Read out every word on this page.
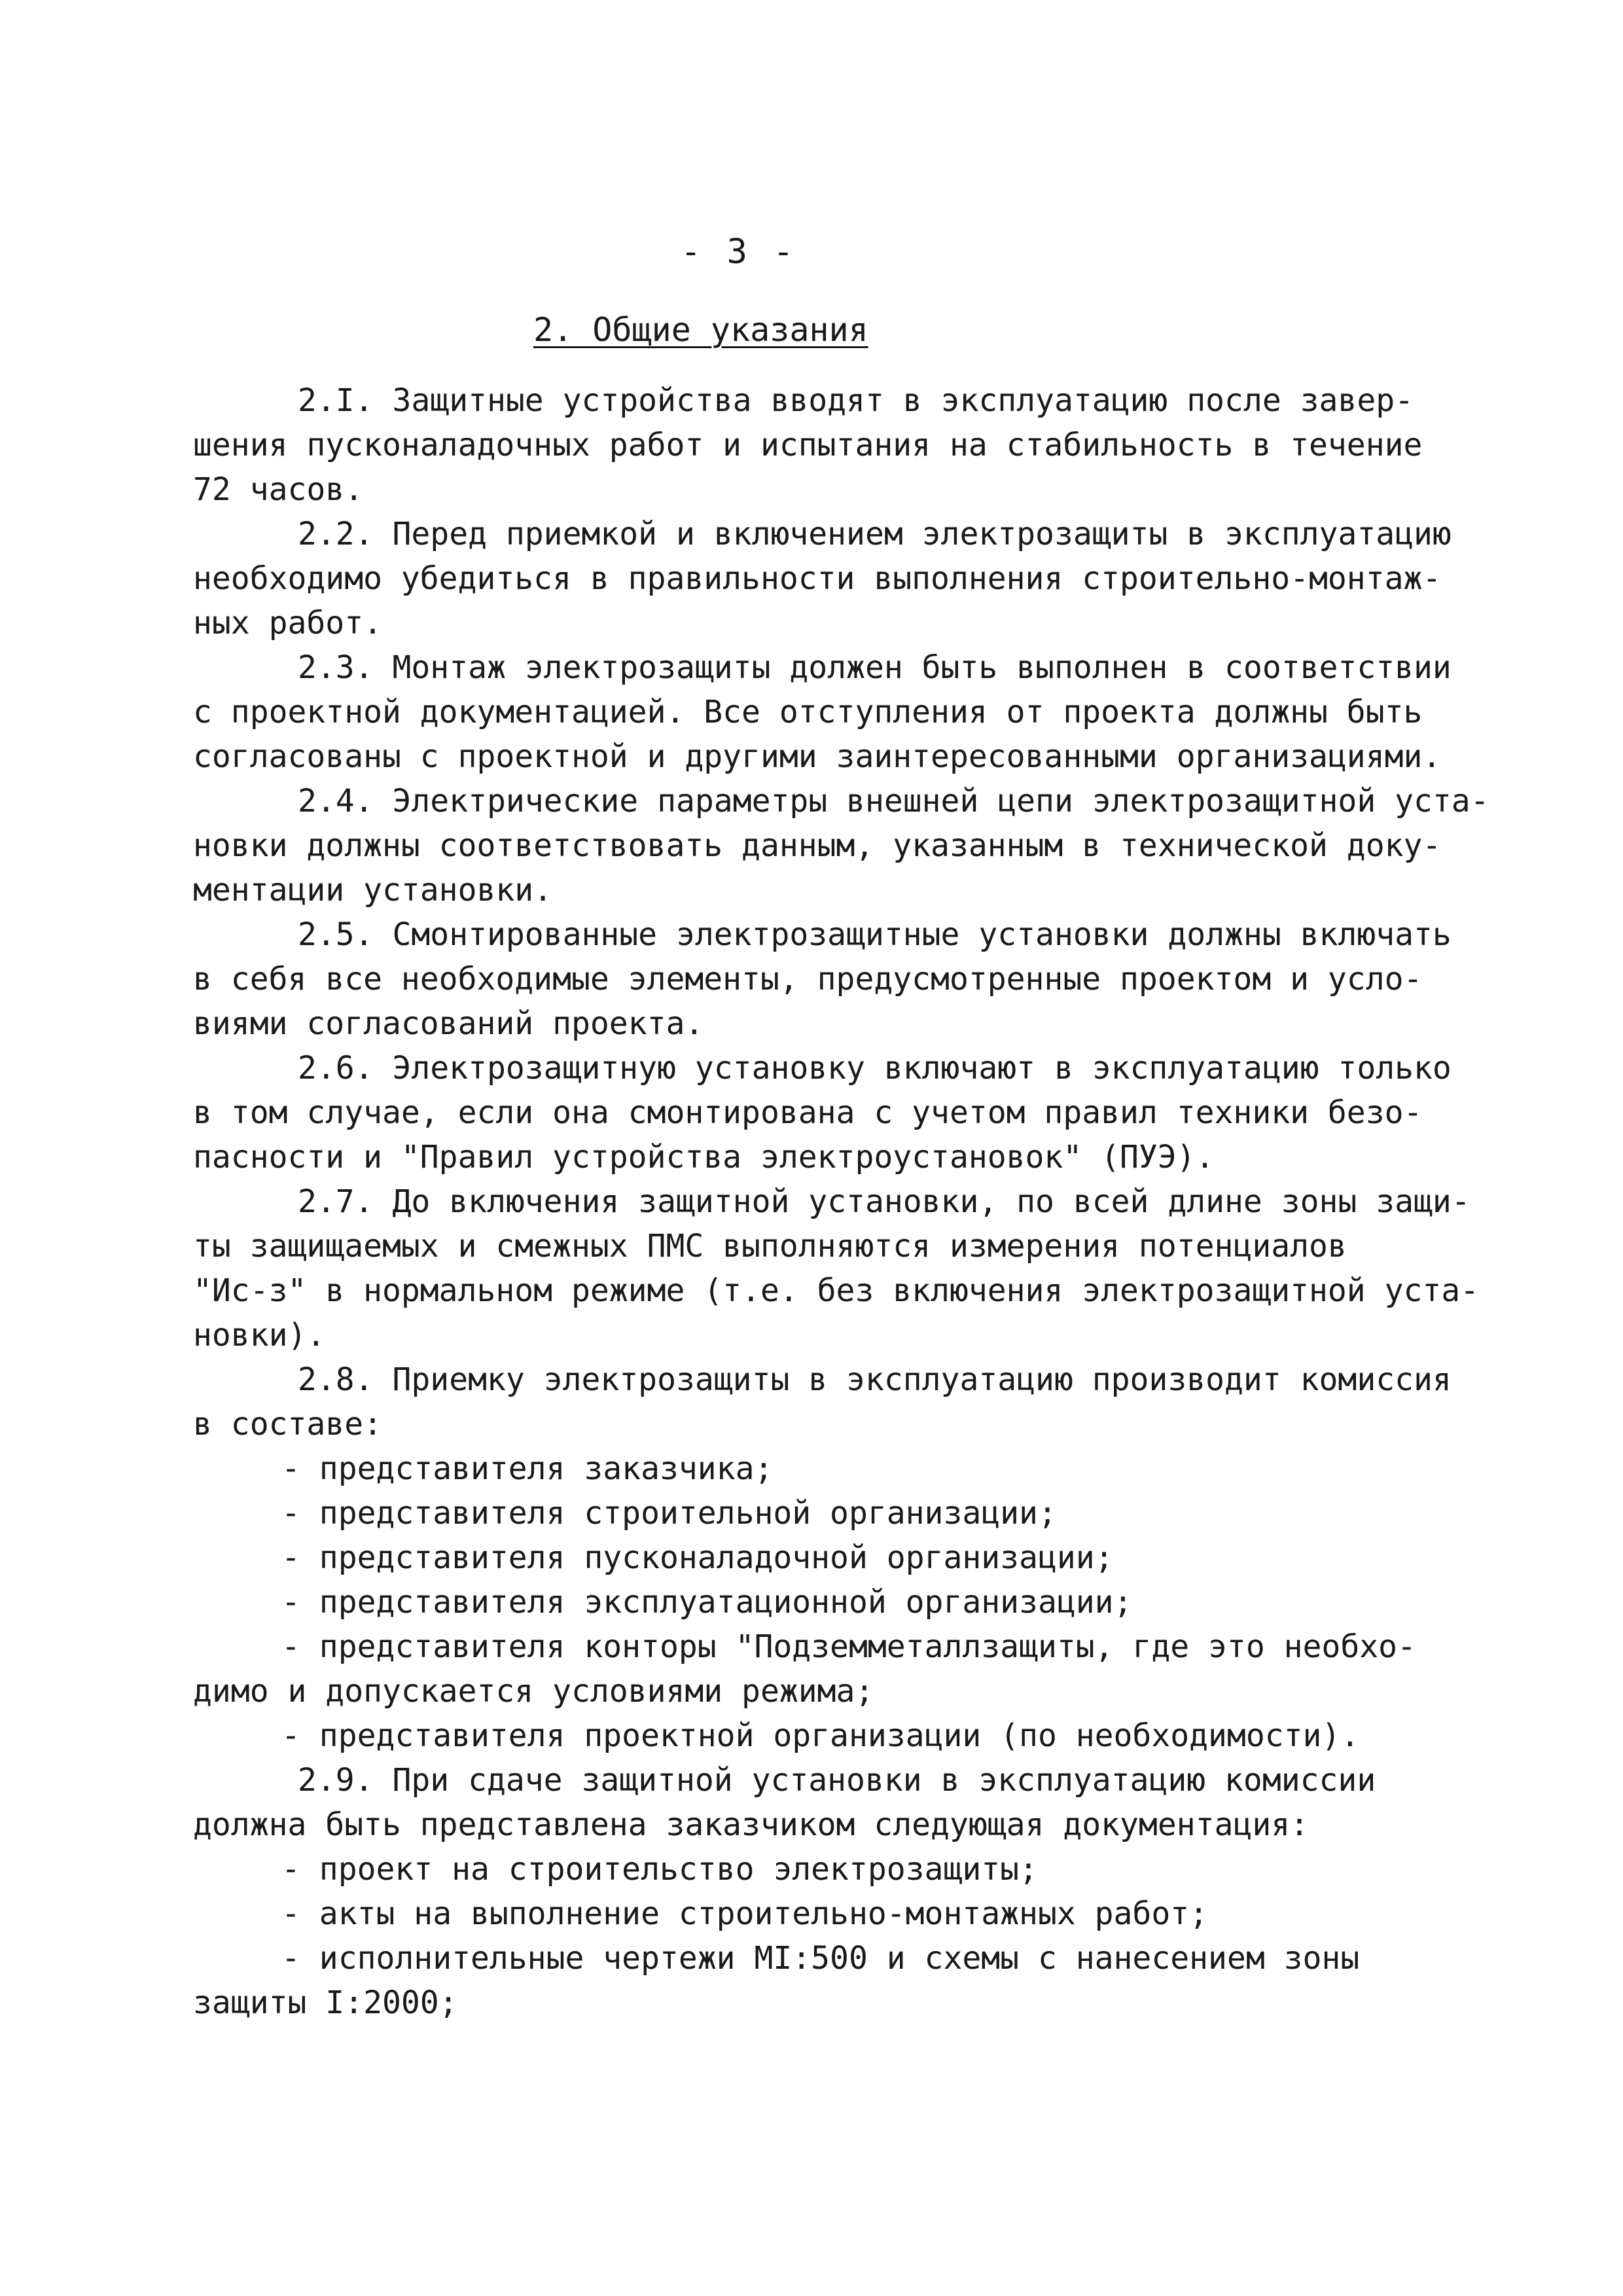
- 3 -
2. Общие указания
2.I. Защитные устройства вводят в эксплуатацию после завер-
шения пусконаладочных работ и испытания на стабильность в течение
72 часов.
2.2. Перед приемкой и включением электрозащиты в эксплуатацию
необходимо убедиться в правильности выполнения строительно-монтаж-
ных работ.
2.3. Монтаж электрозащиты должен быть выполнен в соответствии
с проектной документацией. Все отступления от проекта должны быть
согласованы с проектной и другими заинтересованными организациями.
2.4. Электрические параметры внешней цепи электрозащитной уста-
новки должны соответствовать данным, указанным в технической доку-
ментации установки.
2.5. Смонтированные электрозащитные установки должны включать
в себя все необходимые элементы, предусмотренные проектом и усло-
виями согласований проекта.
2.6. Электрозащитную установку включают в эксплуатацию только
в том случае, если она смонтирована с учетом правил техники безо-
пасности и "Правил устройства электроустановок" (ПУЭ).
2.7. До включения защитной установки, по всей длине зоны защи-
ты защищаемых и смежных ПМС выполняются измерения потенциалов
"Ис-з" в нормальном режиме (т.е. без включения электрозащитной уста-
новки).
2.8. Приемку электрозащиты в эксплуатацию производит комиссия
в составе:
- представителя заказчика;
- представителя строительной организации;
- представителя пусконаладочной организации;
- представителя эксплуатационной организации;
- представителя конторы "Подземметаллзащиты, где это необхо-
димо и допускается условиями режима;
- представителя проектной организации (по необходимости).
2.9. При сдаче защитной установки в эксплуатацию комиссии
должна быть представлена заказчиком следующая документация:
- проект на строительство электрозащиты;
- акты на выполнение строительно-монтажных работ;
- исполнительные чертежи МI:500 и схемы с нанесением зоны
защиты I:2000;
